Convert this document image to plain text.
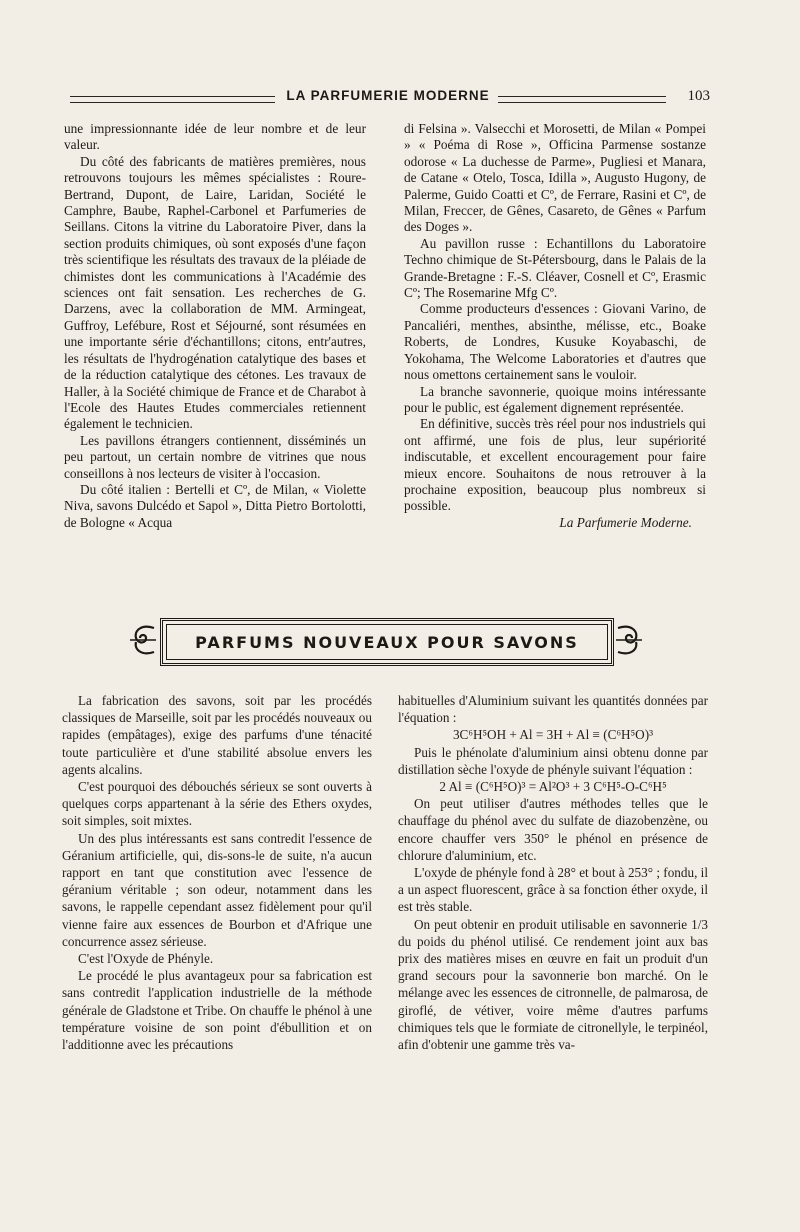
LA PARFUMERIE MODERNE	103

une impressionnante idée de leur nombre et de leur valeur.

Du côté des fabricants de matières premières, nous retrouvons toujours les mêmes spécialistes : Roure-Bertrand, Dupont, de Laire, Laridan, Société le Camphre, Baube, Raphel-Carbonel et Parfumeries de Seillans. Citons la vitrine du Laboratoire Piver, dans la section produits chimiques, où sont exposés d'une façon très scientifique les résultats des travaux de la pléiade de chimistes dont les communications à l'Académie des sciences ont fait sensation. Les recherches de G. Darzens, avec la collaboration de MM. Armingeat, Guffroy, Lefébure, Rost et Séjourné, sont résumées en une importante série d'échantillons; citons, entr'autres, les résultats de l'hydrogénation catalytique des bases et de la réduction catalytique des cétones. Les travaux de Haller, à la Société chimique de France et de Charabot à l'Ecole des Hautes Etudes commerciales retiennent également le technicien.

Les pavillons étrangers contiennent, disséminés un peu partout, un certain nombre de vitrines que nous conseillons à nos lecteurs de visiter à l'occasion.

Du côté italien : Bertelli et Cº, de Milan, « Violette Niva, savons Dulcédo et Sapol », Ditta Pietro Bortolotti, de Bologne « Acqua

di Felsina ». Valsecchi et Morosetti, de Milan « Pompei » « Poéma di Rose », Officina Parmense sostanze odorose « La duchesse de Parme», Pugliesi et Manara, de Catane « Otelo, Tosca, Idilla », Augusto Hugony, de Palerme, Guido Coatti et Cº, de Ferrare, Rasini et Cº, de Milan, Freccer, de Gênes, Casareto, de Gênes « Parfum des Doges ».

Au pavillon russe : Echantillons du Laboratoire Techno chimique de St-Pétersbourg, dans le Palais de la Grande-Bretagne : F.-S. Cléaver, Cosnell et Cº, Erasmic Cº; The Rosemarine Mfg Cº.

Comme producteurs d'essences : Giovani Varino, de Pancaliéri, menthes, absinthe, mélisse, etc., Boake Roberts, de Londres, Kusuke Koyabaschi, de Yokohama, The Welcome Laboratories et d'autres que nous omettons certainement sans le vouloir.

La branche savonnerie, quoique moins intéressante pour le public, est également dignement représentée.

En définitive, succès très réel pour nos industriels qui ont affirmé, une fois de plus, leur supériorité indiscutable, et excellent encouragement pour faire mieux encore. Souhaitons de nous retrouver à la prochaine exposition, beaucoup plus nombreux si possible.

La Parfumerie Moderne.

PARFUMS NOUVEAUX POUR SAVONS

La fabrication des savons, soit par les procédés classiques de Marseille, soit par les procédés nouveaux ou rapides (empâtages), exige des parfums d'une ténacité toute particulière et d'une stabilité absolue envers les agents alcalins.

C'est pourquoi des débouchés sérieux se sont ouverts à quelques corps appartenant à la série des Ethers oxydes, soit simples, soit mixtes.

Un des plus intéressants est sans contredit l'essence de Géranium artificielle, qui, dis-sons-le de suite, n'a aucun rapport en tant que constitution avec l'essence de géranium véritable ; son odeur, notamment dans les savons, le rappelle cependant assez fidèlement pour qu'il vienne faire aux essences de Bourbon et d'Afrique une concurrence assez sérieuse.

C'est l'Oxyde de Phényle.

Le procédé le plus avantageux pour sa fabrication est sans contredit l'application industrielle de la méthode générale de Gladstone et Tribe. On chauffe le phénol à une température voisine de son point d'ébullition et on l'additionne avec les précautions

habituelles d'Aluminium suivant les quantités données par l'équation :

3C⁶H⁵OH + Al = 3H + Al ≡ (C⁶H⁵O)³

Puis le phénolate d'aluminium ainsi obtenu donne par distillation sèche l'oxyde de phényle suivant l'équation :

2 Al ≡ (C⁶H⁵O)³ = Al²O³ + 3 C⁶H⁵-O-C⁶H⁵

On peut utiliser d'autres méthodes telles que le chauffage du phénol avec du sulfate de diazobenzène, ou encore chauffer vers 350° le phénol en présence de chlorure d'aluminium, etc.

L'oxyde de phényle fond à 28° et bout à 253° ; fondu, il a un aspect fluorescent, grâce à sa fonction éther oxyde, il est très stable.

On peut obtenir en produit utilisable en savonnerie 1/3 du poids du phénol utilisé. Ce rendement joint aux bas prix des matières mises en œuvre en fait un produit d'un grand secours pour la savonnerie bon marché. On le mélange avec les essences de citronnelle, de palmarosa, de giroflé, de vétiver, voire même d'autres parfums chimiques tels que le formiate de citronellyle, le terpinéol, afin d'obtenir une gamme très va-
